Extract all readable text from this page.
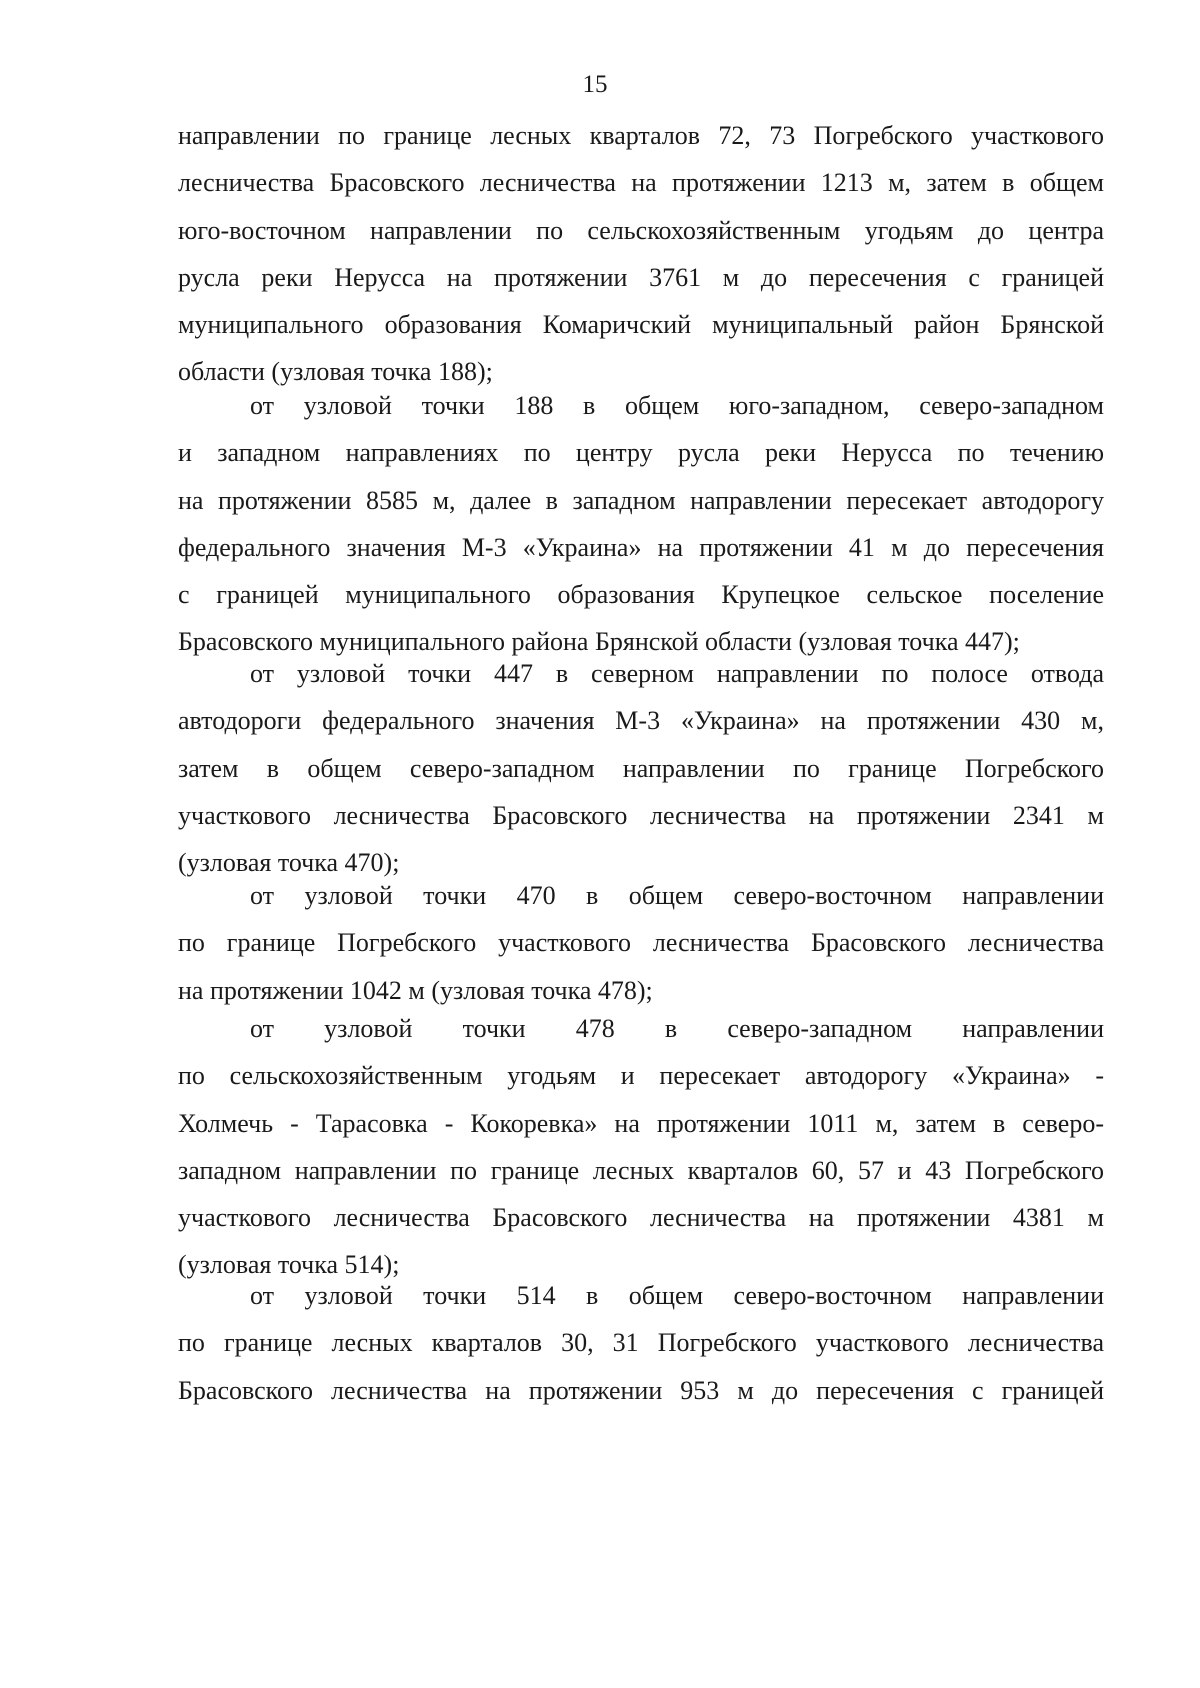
15
направлении по границе лесных кварталов 72, 73 Погребского участкового
лесничества Брасовского лесничества на протяжении 1213 м, затем в общем
юго-восточном направлении по сельскохозяйственным угодьям до центра
русла реки Нерусса на протяжении 3761 м до пересечения с границей
муниципального образования Комаричский муниципальный район Брянской
области (узловая точка 188);
от узловой точки 188 в общем юго-западном, северо-западном
и западном направлениях по центру русла реки Нерусса по течению
на протяжении 8585 м, далее в западном направлении пересекает автодорогу
федерального значения М-3 «Украина» на протяжении 41 м до пересечения
с границей муниципального образования Крупецкое сельское поселение
Брасовского муниципального района Брянской области (узловая точка 447);
от узловой точки 447 в северном направлении по полосе отвода
автодороги федерального значения М-3 «Украина» на протяжении 430 м,
затем в общем северо-западном направлении по границе Погребского
участкового лесничества Брасовского лесничества на протяжении 2341 м
(узловая точка 470);
от узловой точки 470 в общем северо-восточном направлении
по границе Погребского участкового лесничества Брасовского лесничества
на протяжении 1042 м (узловая точка 478);
от узловой точки 478 в северо-западном направлении
по сельскохозяйственным угодьям и пересекает автодорогу «Украина» -
Холмечь - Тарасовка - Кокоревка» на протяжении 1011 м, затем в северо-
западном направлении по границе лесных кварталов 60, 57 и 43 Погребского
участкового лесничества Брасовского лесничества на протяжении 4381 м
(узловая точка 514);
от узловой точки 514 в общем северо-восточном направлении
по границе лесных кварталов 30, 31 Погребского участкового лесничества
Брасовского лесничества на протяжении 953 м до пересечения с границей
